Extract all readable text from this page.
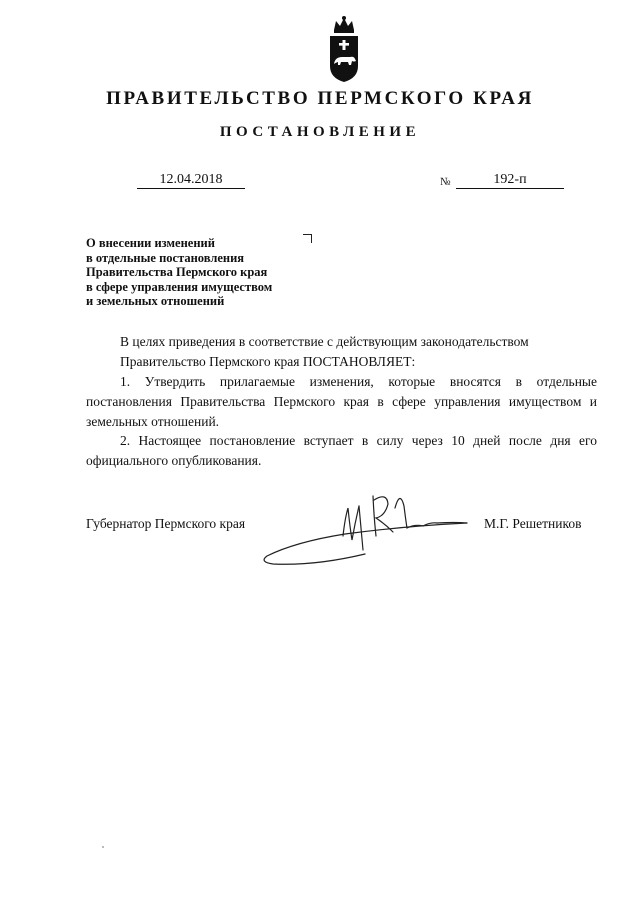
ПРАВИТЕЛЬСТВО ПЕРМСКОГО КРАЯ
ПОСТАНОВЛЕНИЕ
12.04.2018	№	192-п
О внесении изменений
в отдельные постановления
Правительства Пермского края
в сфере управления имуществом
и земельных отношений
В целях приведения в соответствие с действующим законодательством
Правительство Пермского края ПОСТАНОВЛЯЕТ:
1. Утвердить прилагаемые изменения, которые вносятся в отдельные постановления Правительства Пермского края в сфере управления имуществом и земельных отношений.
2. Настоящее постановление вступает в силу через 10 дней после дня его официального опубликования.
Губернатор Пермского края	М.Г. Решетников
